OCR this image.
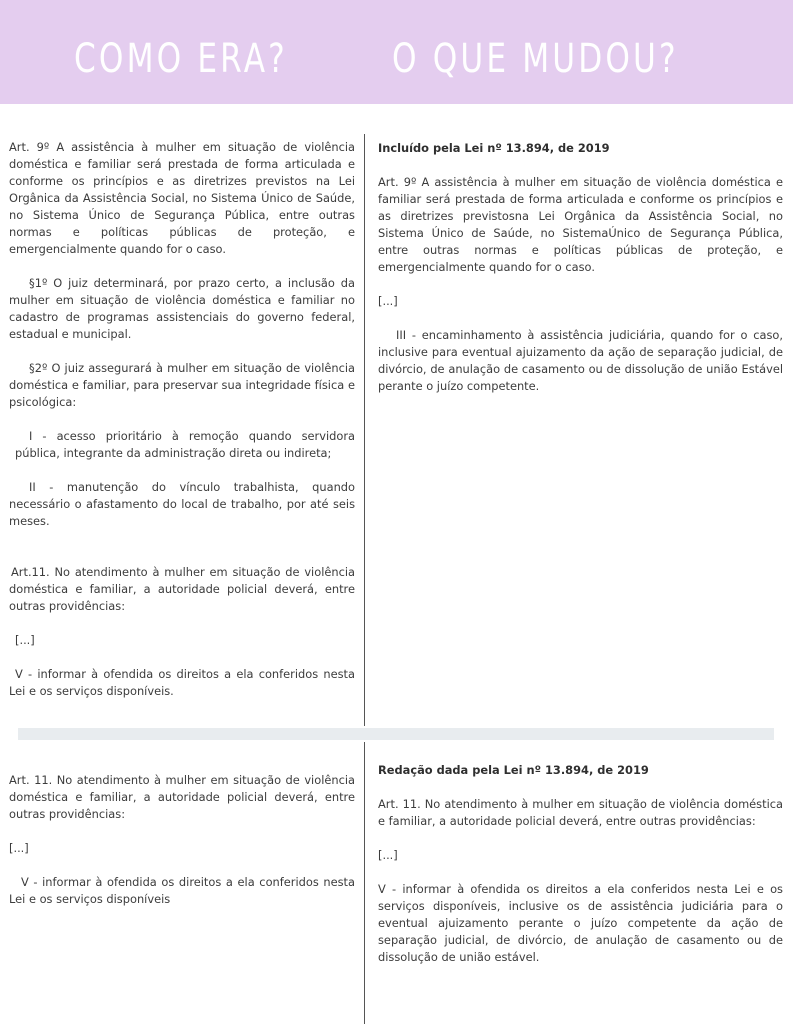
COMO ERA?	O QUE MUDOU?

Art. 9º A assistência à mulher em situação de violência doméstica e familiar será prestada de forma articulada e conforme os princípios e as diretrizes previstos na Lei Orgânica da Assistência Social, no Sistema Único de Saúde, no Sistema Único de Segurança Pública, entre outras normas e políticas públicas de proteção, e emergencialmente quando for o caso.

§1º O juiz determinará, por prazo certo, a inclusão da mulher em situação de violência doméstica e familiar no cadastro de programas assistenciais do governo federal, estadual e municipal.

§2º O juiz assegurará à mulher em situação de violência doméstica e familiar, para preservar sua integridade física e psicológica:

I - acesso prioritário à remoção quando servidora pública, integrante da administração direta ou indireta;

II - manutenção do vínculo trabalhista, quando necessário o afastamento do local de trabalho, por até seis meses.

Art.11. No atendimento à mulher em situação de violência doméstica e familiar, a autoridade policial deverá, entre outras providências:

[...]

V - informar à ofendida os direitos a ela conferidos nesta Lei e os serviços disponíveis.

Incluído pela Lei nº 13.894, de 2019

Art. 9º A assistência à mulher em situação de violência doméstica e familiar será prestada de forma articulada e conforme os princípios e as diretrizes previstosna Lei Orgânica da Assistência Social, no Sistema Único de Saúde, no SistemaÚnico de Segurança Pública, entre outras normas e políticas públicas de proteção, e emergencialmente quando for o caso.

[...]

III - encaminhamento à assistência judiciária, quando for o caso, inclusive para eventual ajuizamento da ação de separação judicial, de divórcio, de anulação de casamento ou de dissolução de união Estável perante o juízo competente.

Art. 11. No atendimento à mulher em situação de violência doméstica e familiar, a autoridade policial deverá, entre outras providências:

[...]

V - informar à ofendida os direitos a ela conferidos nesta Lei e os serviços disponíveis

Redação dada pela Lei nº 13.894, de 2019

Art. 11. No atendimento à mulher em situação de violência doméstica e familiar, a autoridade policial deverá, entre outras providências:

[...]

V - informar à ofendida os direitos a ela conferidos nesta Lei e os serviços disponíveis, inclusive os de assistência judiciária para o eventual ajuizamento perante o juízo competente da ação de separação judicial, de divórcio, de anulação de casamento ou de dissolução de união estável.
